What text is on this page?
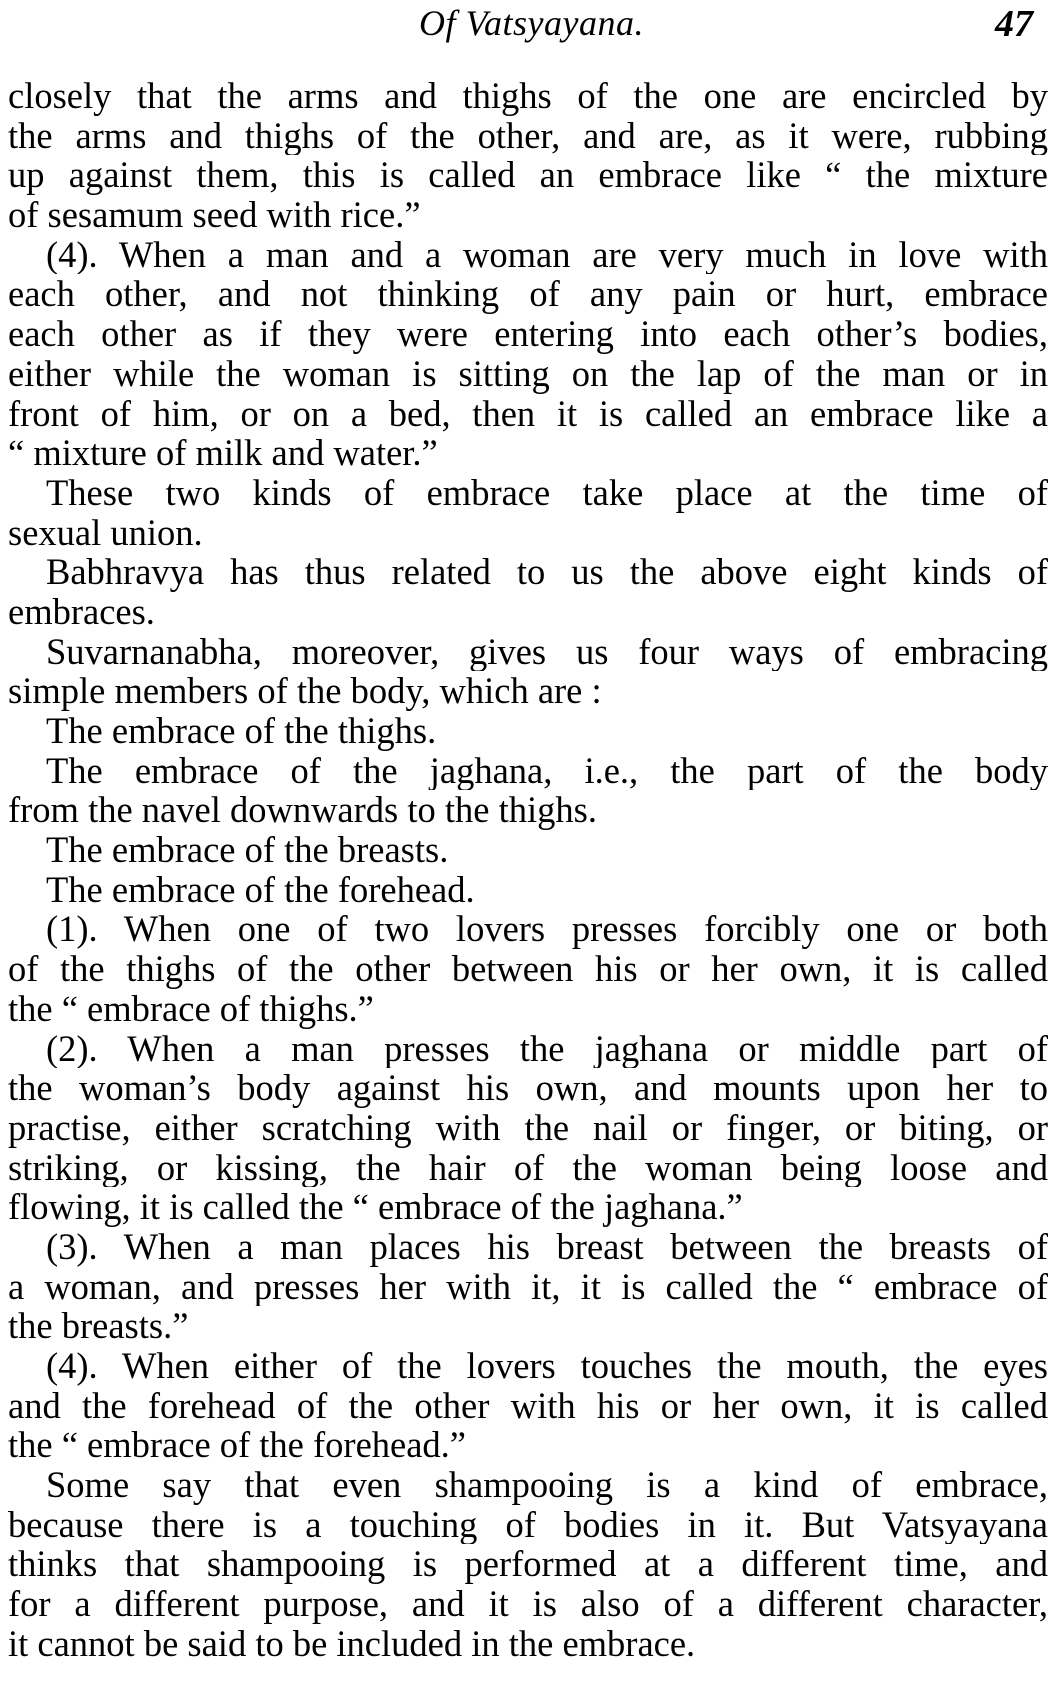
Of Vatsyayana.	47
closely that the arms and thighs of the one are encircled by
the arms and thighs of the other, and are, as it were, rubbing
up against them, this is called an embrace like “ the mixture
of sesamum seed with rice.”
(4). When a man and a woman are very much in love with
each other, and not thinking of any pain or hurt, embrace
each other as if they were entering into each other’s bodies,
either while the woman is sitting on the lap of the man or in
front of him, or on a bed, then it is called an embrace like a
“ mixture of milk and water.”
These two kinds of embrace take place at the time of
sexual union.
Babhravya has thus related to us the above eight kinds of
embraces.
Suvarnanabha, moreover, gives us four ways of embracing
simple members of the body, which are :
The embrace of the thighs.
The embrace of the jaghana, i.e., the part of the body
from the navel downwards to the thighs.
The embrace of the breasts.
The embrace of the forehead.
(1). When one of two lovers presses forcibly one or both
of the thighs of the other between his or her own, it is called
the “ embrace of thighs.”
(2). When a man presses the jaghana or middle part of
the woman’s body against his own, and mounts upon her to
practise, either scratching with the nail or finger, or biting, or
striking, or kissing, the hair of the woman being loose and
flowing, it is called the “ embrace of the jaghana.”
(3). When a man places his breast between the breasts of
a woman, and presses her with it, it is called the “ embrace of
the breasts.”
(4). When either of the lovers touches the mouth, the eyes
and the forehead of the other with his or her own, it is called
the “ embrace of the forehead.”
Some say that even shampooing is a kind of embrace,
because there is a touching of bodies in it. But Vatsyayana
thinks that shampooing is performed at a different time, and
for a different purpose, and it is also of a different character,
it cannot be said to be included in the embrace.
